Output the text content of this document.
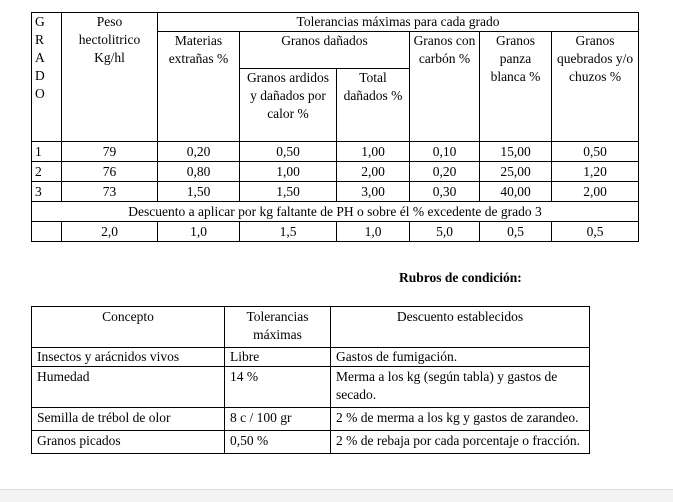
G
R
A
D
O	Peso hectolitrico Kg/hl	Tolerancias máximas para cada grado					
		Materias extrañas %	Granos dañados		Granos con carbón %	Granos panza blanca %	Granos quebrados y/o chuzos %
			Granos ardidos y dañados por calor %	Total dañados %			
1	79	0,20	0,50	1,00	0,10	15,00	0,50
2	76	0,80	1,00	2,00	0,20	25,00	1,20
3	73	1,50	1,50	3,00	0,30	40,00	2,00
Descuento a aplicar por kg faltante de PH o sobre él % excedente de grado 3							
	2,0	1,0	1,5	1,0	5,0	0,5	0,5
Rubros de condición:
Concepto	Tolerancias máximas	Descuento establecidos
Insectos y arácnidos vivos	Libre	Gastos de fumigación.
Humedad	14 %	Merma a los kg (según tabla) y gastos de secado.
Semilla de trébol de olor	8 c / 100 gr	2 % de merma a los kg y gastos de zarandeo.
Granos picados	0,50 %	2 % de rebaja por cada porcentaje o fracción.
